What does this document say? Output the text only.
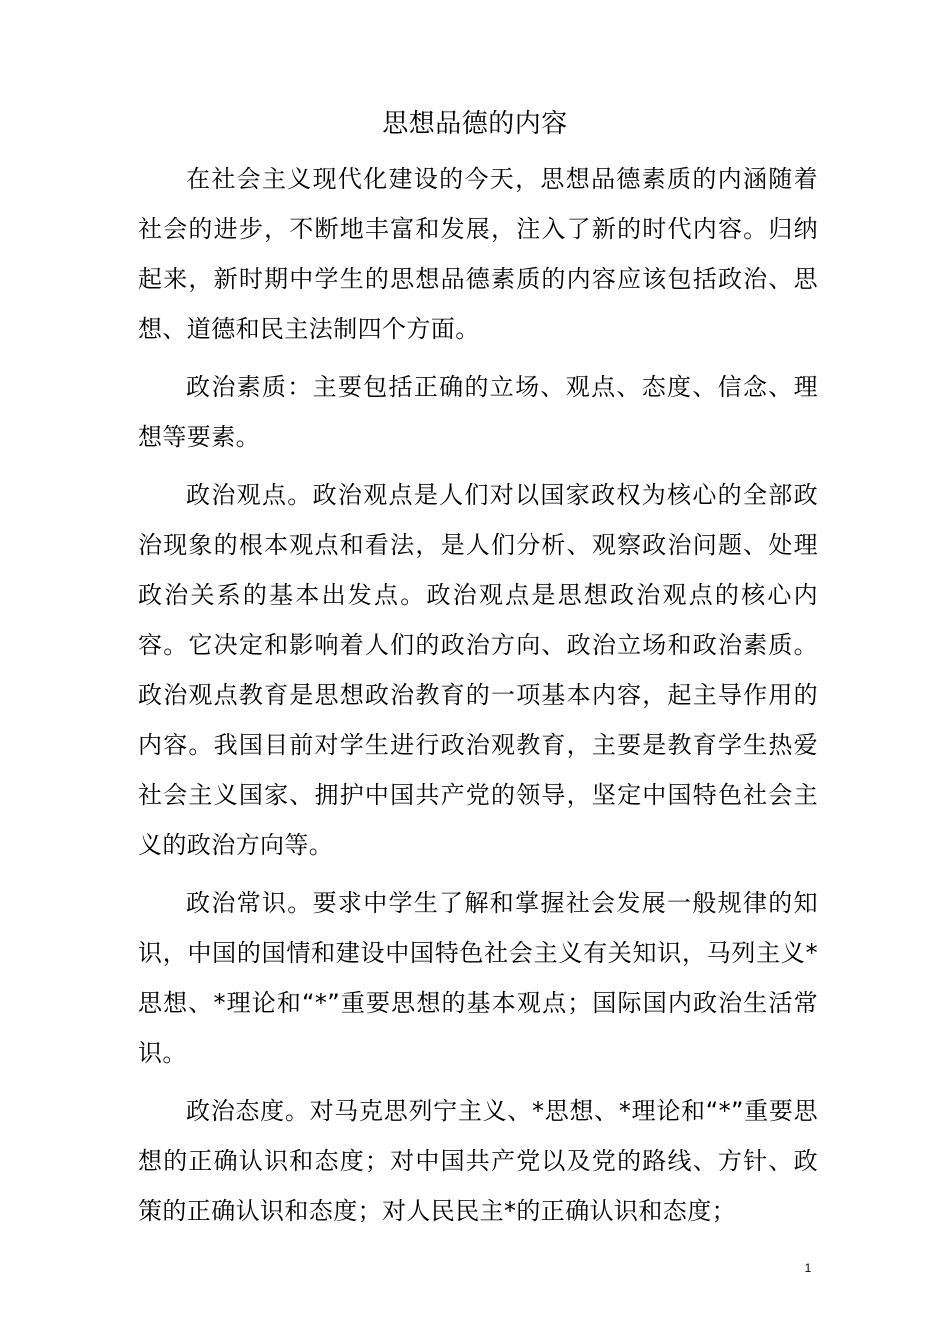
思想品德的内容

在社会主义现代化建设的今天，思想品德素质的内涵随着社会的进步，不断地丰富和发展，注入了新的时代内容。归纳起来，新时期中学生的思想品德素质的内容应该包括政治、思想、道德和民主法制四个方面。

政治素质：主要包括正确的立场、观点、态度、信念、理想等要素。

政治观点。政治观点是人们对以国家政权为核心的全部政治现象的根本观点和看法，是人们分析、观察政治问题、处理政治关系的基本出发点。政治观点是思想政治观点的核心内容。它决定和影响着人们的政治方向、政治立场和政治素质。政治观点教育是思想政治教育的一项基本内容，起主导作用的内容。我国目前对学生进行政治观教育，主要是教育学生热爱社会主义国家、拥护中国共产党的领导，坚定中国特色社会主义的政治方向等。

政治常识。要求中学生了解和掌握社会发展一般规律的知识，中国的国情和建设中国特色社会主义有关知识，马列主义*思想、*理论和“*”重要思想的基本观点；国际国内政治生活常识。

政治态度。对马克思列宁主义、*思想、*理论和“*”重要思想的正确认识和态度；对中国共产党以及党的路线、方针、政策的正确认识和态度；对人民民主*的正确认识和态度；

1
